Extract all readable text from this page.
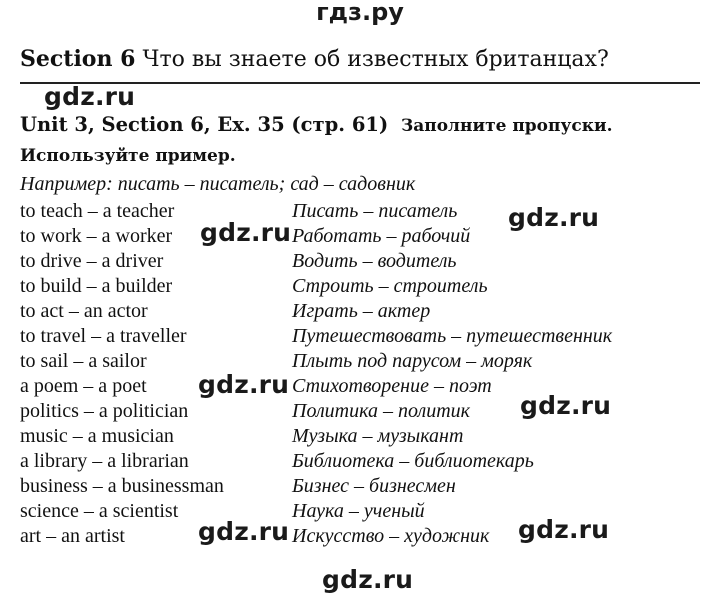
гдз.ру
Section 6 Что вы знаете об известных британцах?
gdz.ru
Unit 3, Section 6, Ex. 35 (стр. 61) Заполните пропуски.
Используйте пример.
Например: писать – писатель; сад – садовник
to teach – a teacher	Писать – писатель
to work – a worker	Работать – рабочий
to drive – a driver	Водить – водитель
to build – a builder	Строить – строитель
to act – an actor	Играть – актер
to travel – a traveller	Путешествовать – путешественник
to sail – a sailor	Плыть под парусом – моряк
a poem – a poet	Стихотворение – поэт
politics – a politician	Политика – политик
music – a musician	Музыка – музыкант
a library – a librarian	Библиотека – библиотекарь
business – a businessman	Бизнес – бизнесмен
science – a scientist	Наука – ученый
art – an artist	Искусство – художник
gdz.ru
gdz.ru
gdz.ru
gdz.ru
gdz.ru	gdz.ru
gdz.ru
